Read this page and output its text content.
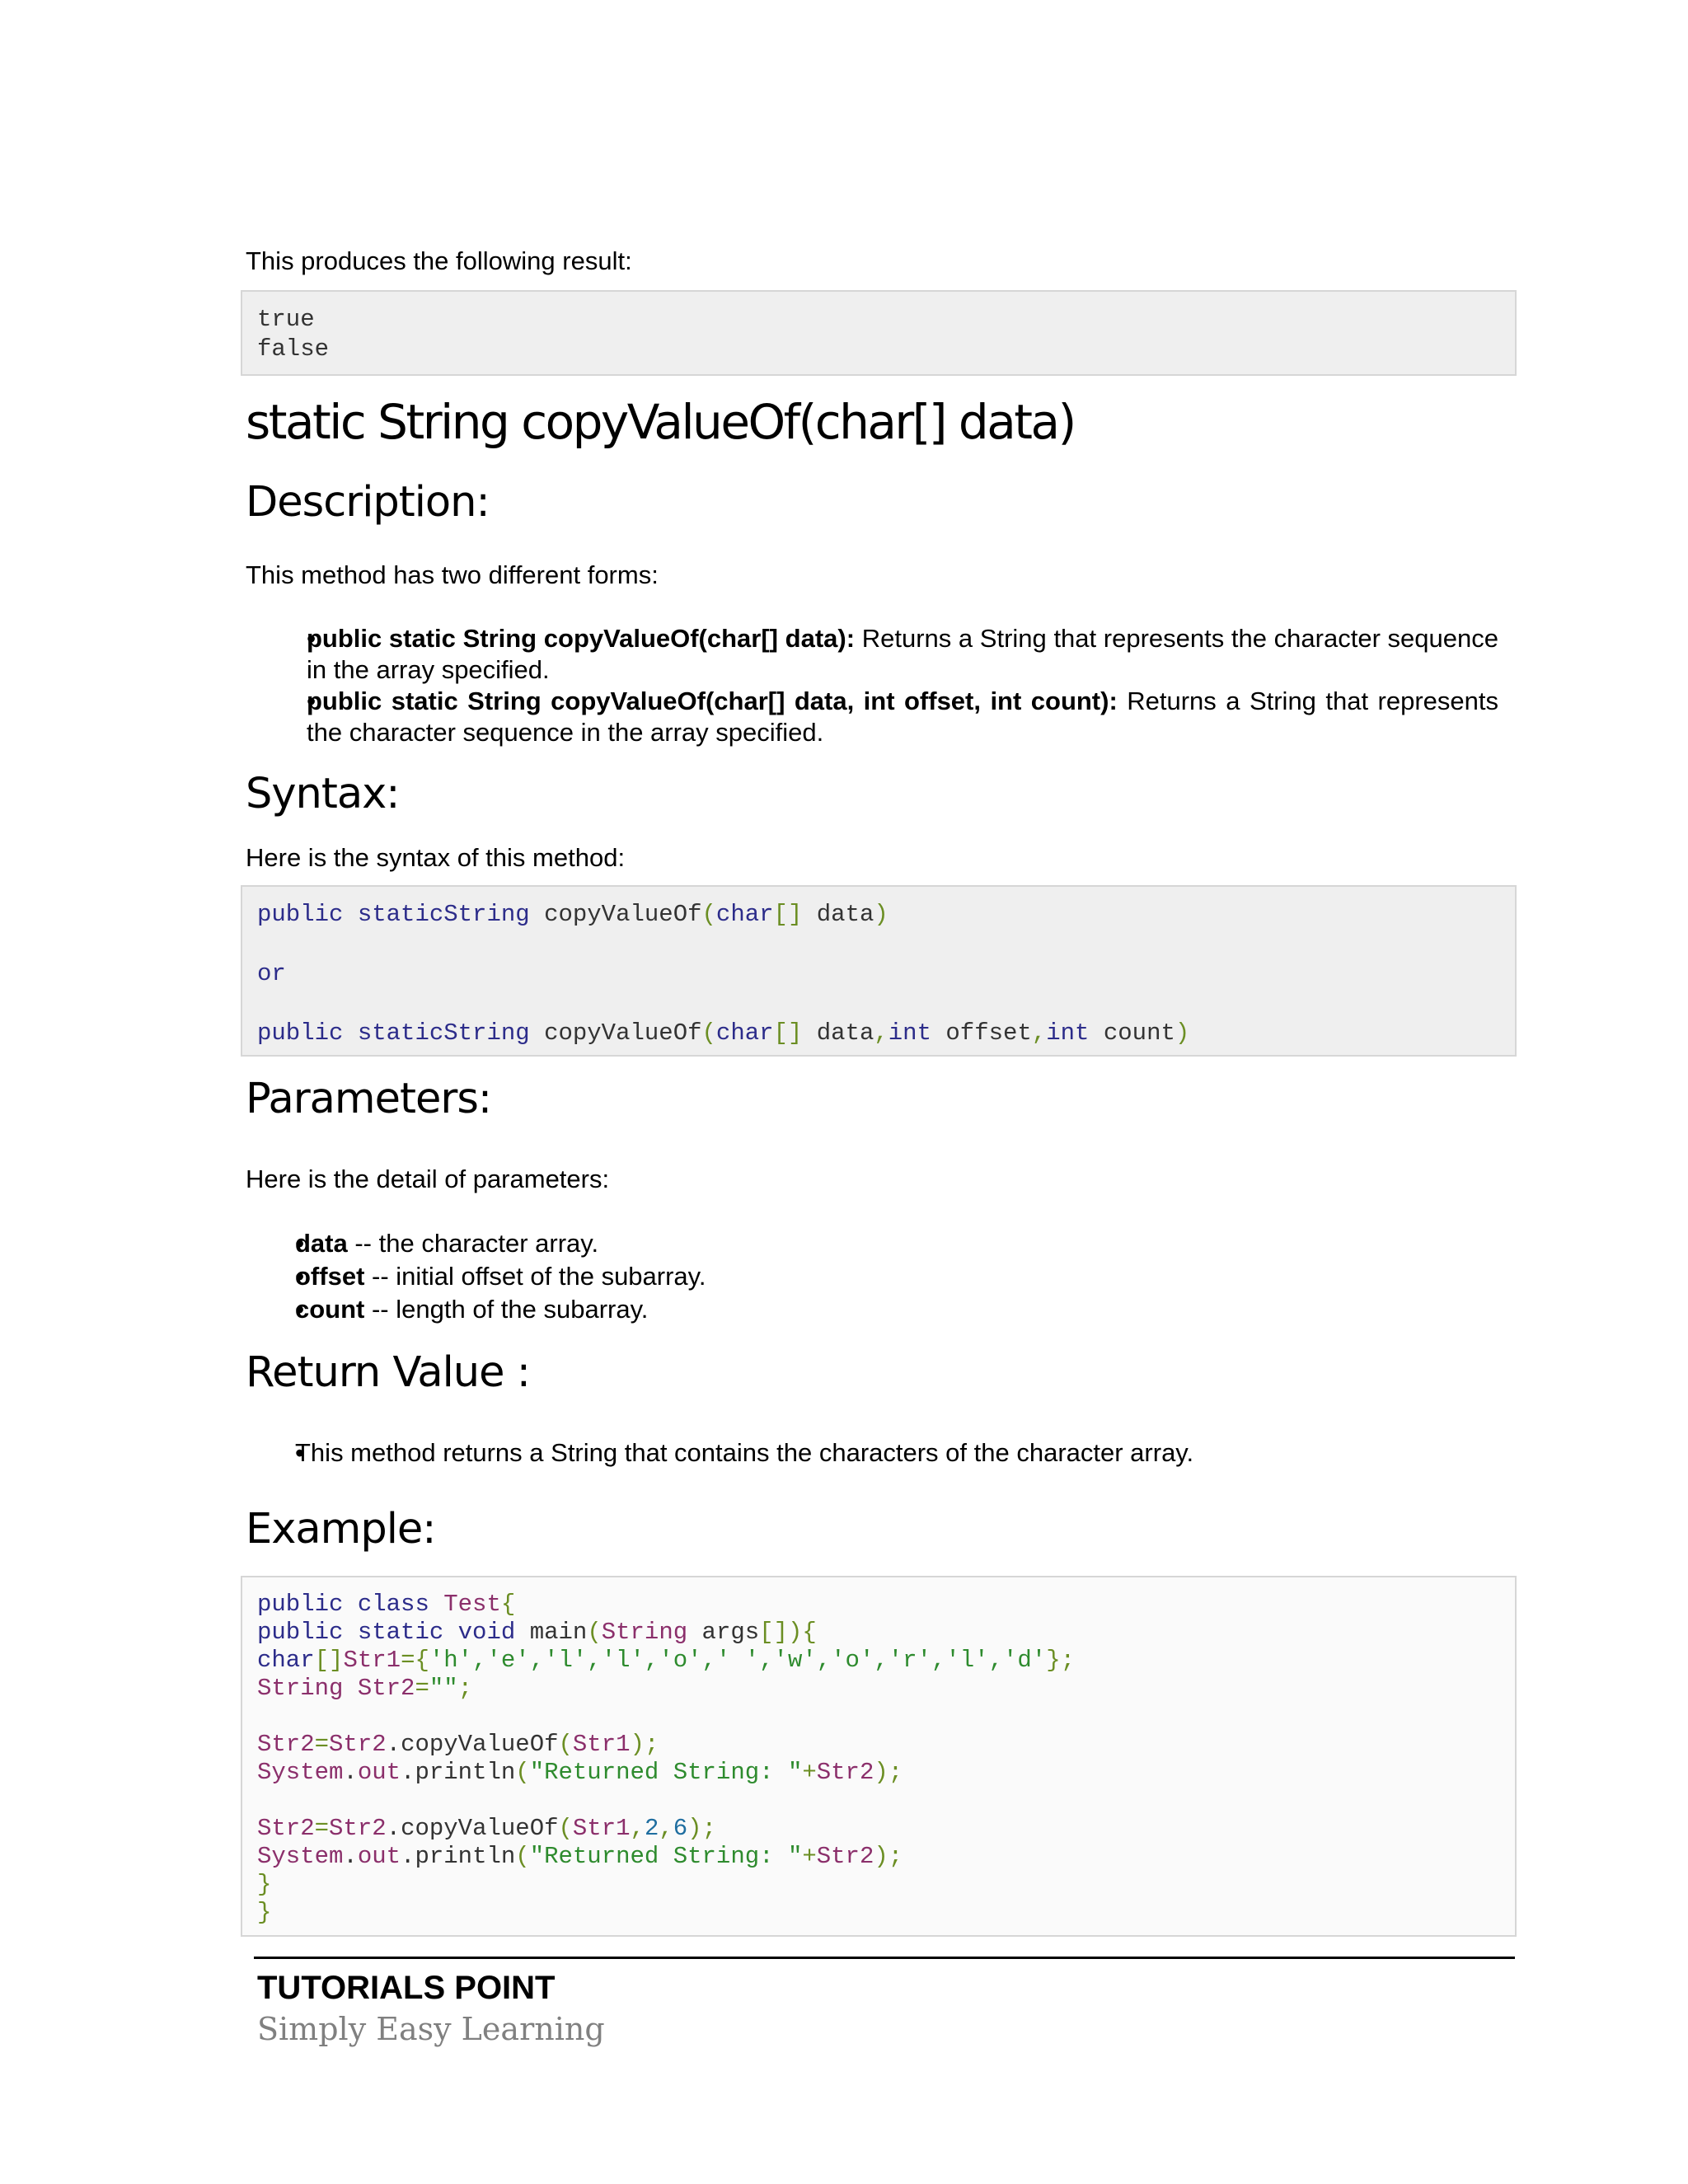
This produces the following result:

true
false
static String copyValueOf(char[] data)
Description:

This method has two different forms:

• public static String copyValueOf(char[] data): Returns a String that represents the character sequence in the array specified.
• public static String copyValueOf(char[] data, int offset, int count): Returns a String that represents the character sequence in the array specified.
Syntax:

Here is the syntax of this method:

public staticString copyValueOf(char[] data)
or
public staticString copyValueOf(char[] data,int offset,int count)
Parameters:

Here is the detail of parameters:

• data -- the character array.
• offset -- initial offset of the subarray.
• count -- length of the subarray.
Return Value :
• This method returns a String that contains the characters of the character array.
Example:
public class Test{
public static void main(String args[]){
char[]Str1={'h','e','l','l','o',' ','w','o','r','l','d'};
String Str2="";
Str2=Str2.copyValueOf(Str1);
System.out.println("Returned String: "+Str2);
Str2=Str2.copyValueOf(Str1,2,6);
System.out.println("Returned String: "+Str2);
}
}
TUTORIALS POINT
Simply Easy Learning
